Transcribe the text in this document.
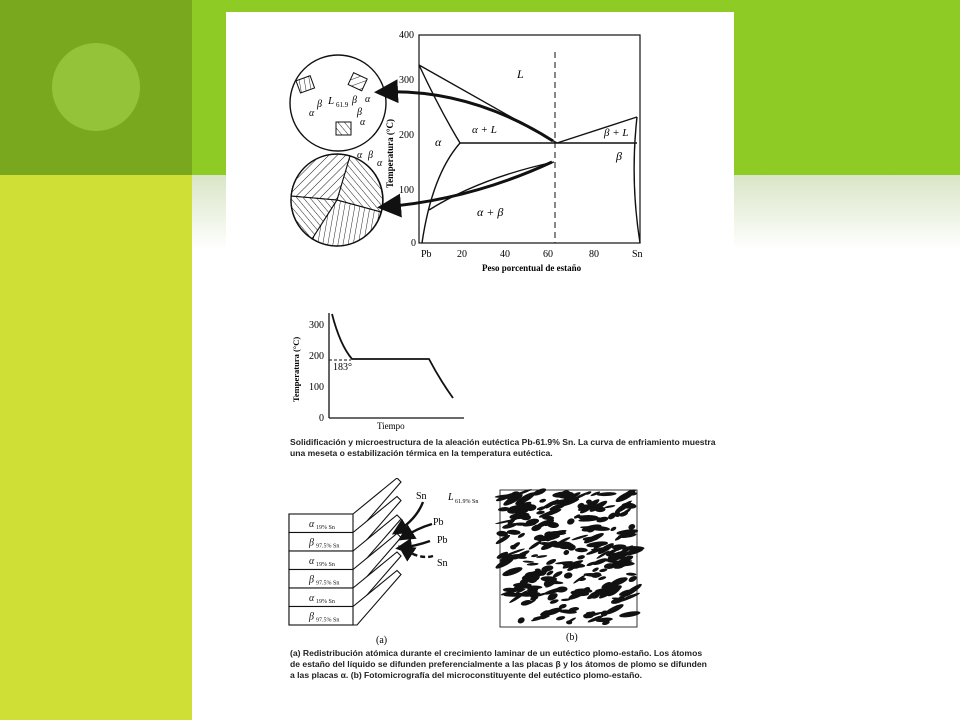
400
300
200
100
0
Temperatura (°C)
Pb	20	40	60	80	Sn
Peso porcentual de estaño
L
α
α + L	β + L
β
α + β
L 61.9
β
α
β α
β
α
α β
α
300
200
100
0
Temperatura (°C)
Tiempo
183°
Solidificación y microestructura de la aleación eutéctica Pb-61.9% Sn. La curva de enfriamiento muestra una meseta o estabilización térmica en la temperatura eutéctica.
α 19% Sn
β 97.5% Sn
α 19% Sn
β 97.5% Sn
α 19% Sn
β 97.5% Sn
L 61.9% Sn
Sn
Pb
Pb
Sn
(a)	(b)
(a) Redistribución atómica durante el crecimiento laminar de un eutéctico plomo-estaño. Los átomos de estaño del líquido se difunden preferencialmente a las placas β y los átomos de plomo se difunden a las placas α. (b) Fotomicrografía del microconstituyente del eutéctico plomo-estaño.
